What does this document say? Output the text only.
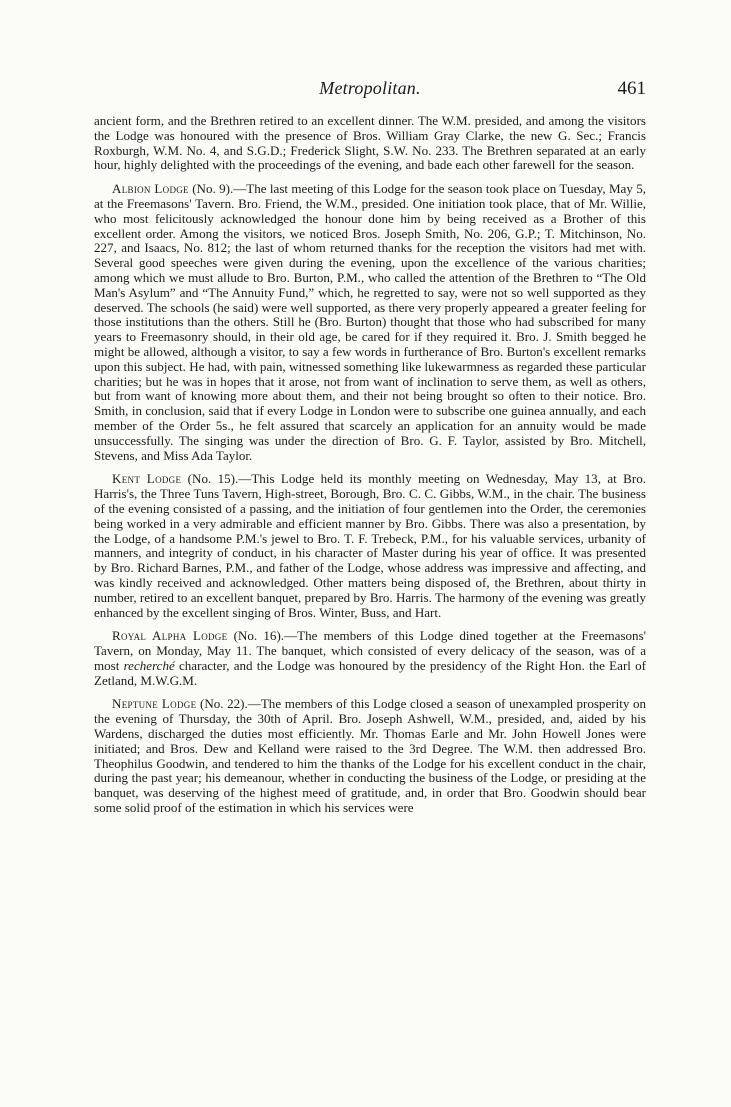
Metropolitan.	461

ancient form, and the Brethren retired to an excellent dinner. The W.M. presided, and among the visitors the Lodge was honoured with the presence of Bros. William Gray Clarke, the new G. Sec.; Francis Roxburgh, W.M. No. 4, and S.G.D.; Frederick Slight, S.W. No. 233. The Brethren separated at an early hour, highly delighted with the proceedings of the evening, and bade each other farewell for the season.

Albion Lodge (No. 9).—The last meeting of this Lodge for the season took place on Tuesday, May 5, at the Freemasons' Tavern. Bro. Friend, the W.M., presided. One initiation took place, that of Mr. Willie, who most felicitously acknowledged the honour done him by being received as a Brother of this excellent order. Among the visitors, we noticed Bros. Joseph Smith, No. 206, G.P.; T. Mitchinson, No. 227, and Isaacs, No. 812; the last of whom returned thanks for the reception the visitors had met with. Several good speeches were given during the evening, upon the excellence of the various charities; among which we must allude to Bro. Burton, P.M., who called the attention of the Brethren to “The Old Man's Asylum” and “The Annuity Fund,” which, he regretted to say, were not so well supported as they deserved. The schools (he said) were well supported, as there very properly appeared a greater feeling for those institutions than the others. Still he (Bro. Burton) thought that those who had subscribed for many years to Freemasonry should, in their old age, be cared for if they required it. Bro. J. Smith begged he might be allowed, although a visitor, to say a few words in furtherance of Bro. Burton's excellent remarks upon this subject. He had, with pain, witnessed something like lukewarmness as regarded these particular charities; but he was in hopes that it arose, not from want of inclination to serve them, as well as others, but from want of knowing more about them, and their not being brought so often to their notice. Bro. Smith, in conclusion, said that if every Lodge in London were to subscribe one guinea annually, and each member of the Order 5s., he felt assured that scarcely an application for an annuity would be made unsuccessfully. The singing was under the direction of Bro. G. F. Taylor, assisted by Bro. Mitchell, Stevens, and Miss Ada Taylor.

Kent Lodge (No. 15).—This Lodge held its monthly meeting on Wednesday, May 13, at Bro. Harris's, the Three Tuns Tavern, High-street, Borough, Bro. C. C. Gibbs, W.M., in the chair. The business of the evening consisted of a passing, and the initiation of four gentlemen into the Order, the ceremonies being worked in a very admirable and efficient manner by Bro. Gibbs. There was also a presentation, by the Lodge, of a handsome P.M.'s jewel to Bro. T. F. Trebeck, P.M., for his valuable services, urbanity of manners, and integrity of conduct, in his character of Master during his year of office. It was presented by Bro. Richard Barnes, P.M., and father of the Lodge, whose address was impressive and affecting, and was kindly received and acknowledged. Other matters being disposed of, the Brethren, about thirty in number, retired to an excellent banquet, prepared by Bro. Harris. The harmony of the evening was greatly enhanced by the excellent singing of Bros. Winter, Buss, and Hart.

Royal Alpha Lodge (No. 16).—The members of this Lodge dined together at the Freemasons' Tavern, on Monday, May 11. The banquet, which consisted of every delicacy of the season, was of a most recherché character, and the Lodge was honoured by the presidency of the Right Hon. the Earl of Zetland, M.W.G.M.

Neptune Lodge (No. 22).—The members of this Lodge closed a season of unexampled prosperity on the evening of Thursday, the 30th of April. Bro. Joseph Ashwell, W.M., presided, and, aided by his Wardens, discharged the duties most efficiently. Mr. Thomas Earle and Mr. John Howell Jones were initiated; and Bros. Dew and Kelland were raised to the 3rd Degree. The W.M. then addressed Bro. Theophilus Goodwin, and tendered to him the thanks of the Lodge for his excellent conduct in the chair, during the past year; his demeanour, whether in conducting the business of the Lodge, or presiding at the banquet, was deserving of the highest meed of gratitude, and, in order that Bro. Goodwin should bear some solid proof of the estimation in which his services were
